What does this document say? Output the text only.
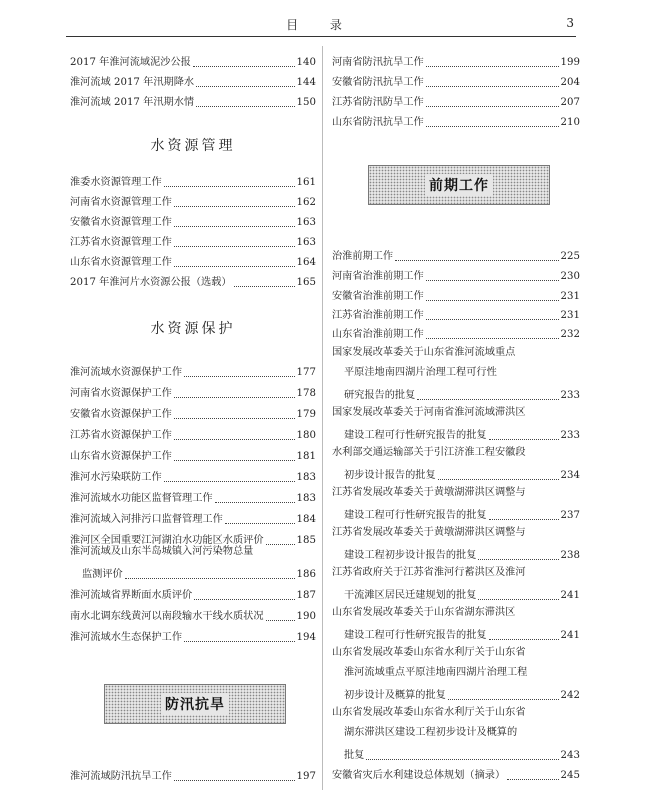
目 录	3
2017 年淮河流域泥沙公报	140
淮河流域 2017 年汛期降水	144
淮河流域 2017 年汛期水情	150
水资源管理
淮委水资源管理工作	161
河南省水资源管理工作	162
安徽省水资源管理工作	163
江苏省水资源管理工作	163
山东省水资源管理工作	164
2017 年淮河片水资源公报（选载）	165
水资源保护
淮河流域水资源保护工作	177
河南省水资源保护工作	178
安徽省水资源保护工作	179
江苏省水资源保护工作	180
山东省水资源保护工作	181
淮河水污染联防工作	183
淮河流域水功能区监督管理工作	183
淮河流域入河排污口监督管理工作	184
淮河区全国重要江河湖泊水功能区水质评价	185
淮河流域及山东半岛城镇入河污染物总量
监测评价	186
淮河流域省界断面水质评价	187
南水北调东线黄河以南段输水干线水质状况	190
淮河流域水生态保护工作	194
防汛抗旱
淮河流域防汛抗旱工作	197
河南省防汛抗旱工作	199
安徽省防汛抗旱工作	204
江苏省防汛防旱工作	207
山东省防汛抗旱工作	210
前期工作
治淮前期工作	225
河南省治淮前期工作	230
安徽省治淮前期工作	231
江苏省治淮前期工作	231
山东省治淮前期工作	232
国家发展改革委关于山东省淮河流域重点
平原洼地南四湖片治理工程可行性
研究报告的批复	233
国家发展改革委关于河南省淮河流域滞洪区
建设工程可行性研究报告的批复	233
水利部交通运输部关于引江济淮工程安徽段
初步设计报告的批复	234
江苏省发展改革委关于黄墩湖滞洪区调整与
建设工程可行性研究报告的批复	237
江苏省发展改革委关于黄墩湖滞洪区调整与
建设工程初步设计报告的批复	238
江苏省政府关于江苏省淮河行蓄洪区及淮河
干流滩区居民迁建规划的批复	241
山东省发展改革委关于山东省湖东滞洪区
建设工程可行性研究报告的批复	241
山东省发展改革委山东省水利厅关于山东省
淮河流域重点平原洼地南四湖片治理工程
初步设计及概算的批复	242
山东省发展改革委山东省水利厅关于山东省
湖东滞洪区建设工程初步设计及概算的
批复	243
安徽省灾后水利建设总体规划（摘录）	245
